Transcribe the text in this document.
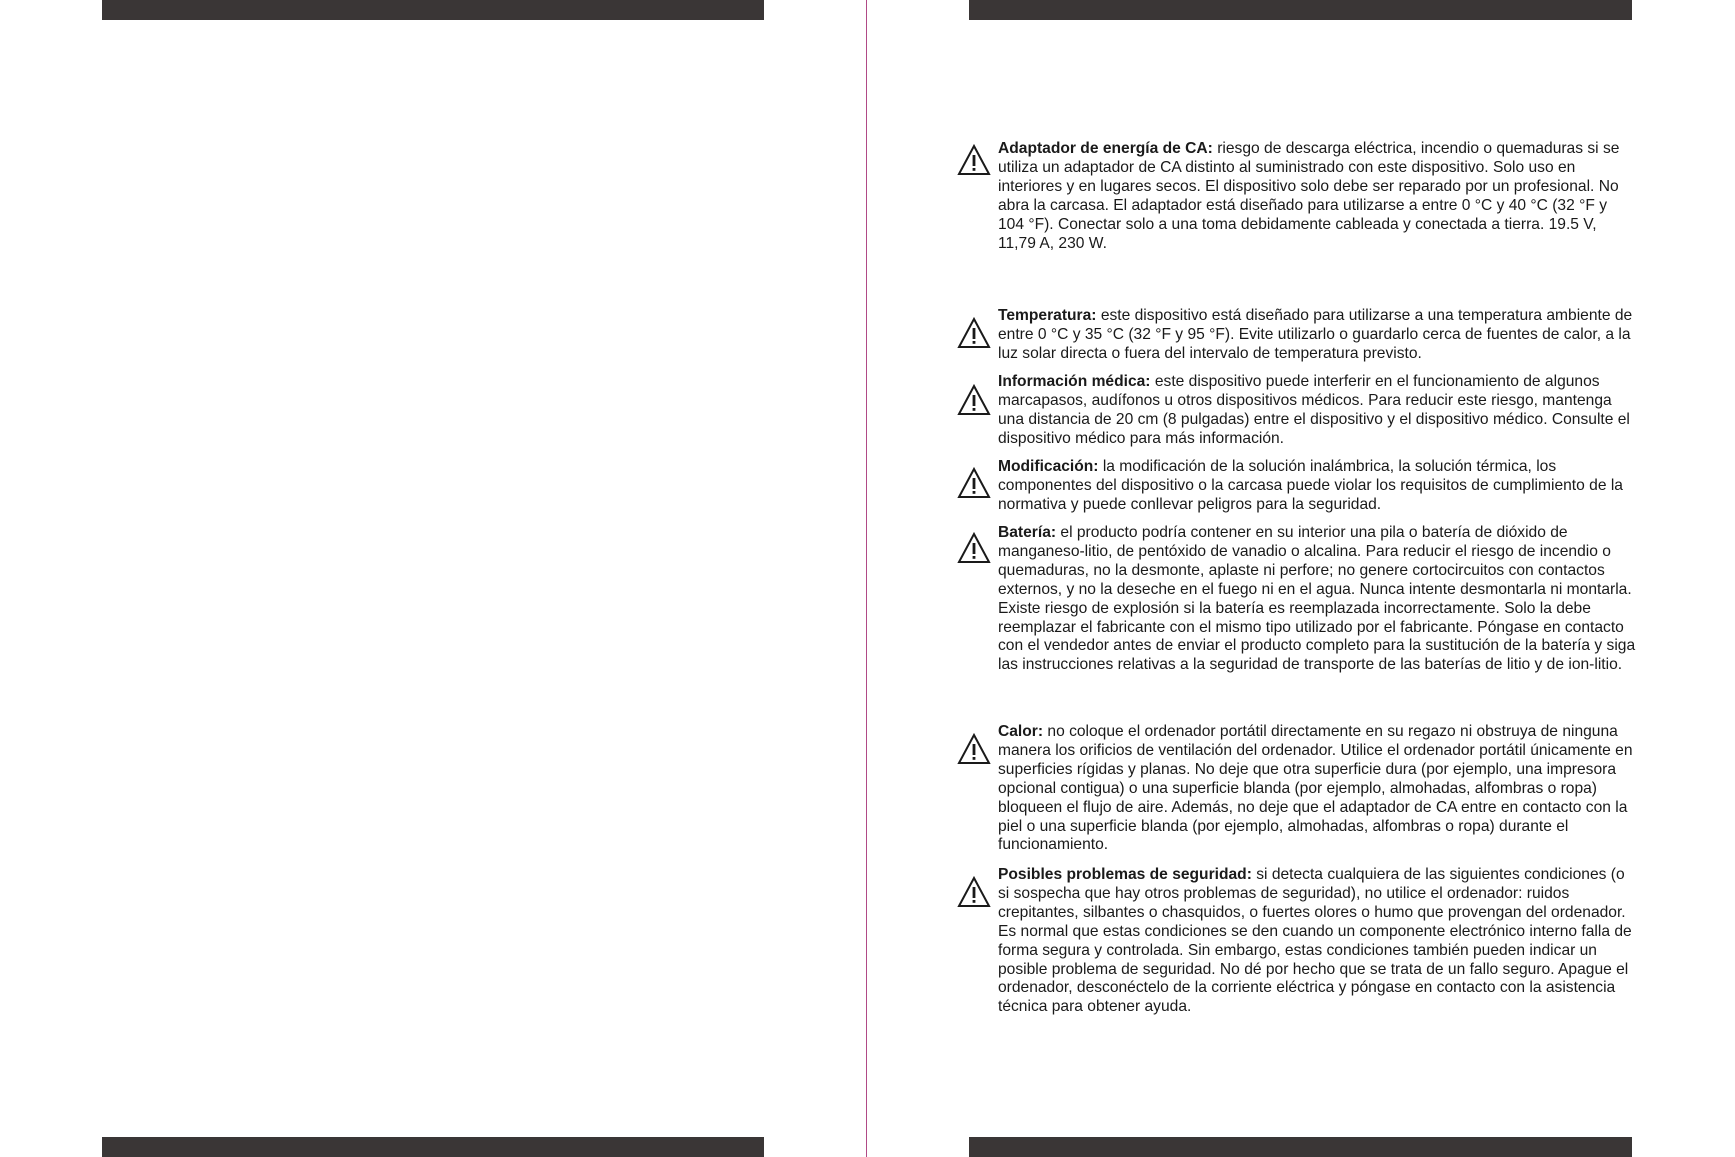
Adaptador de energía de CA: riesgo de descarga eléctrica, incendio o quemaduras si se utiliza un adaptador de CA distinto al suministrado con este dispositivo. Solo uso en interiores y en lugares secos. El dispositivo solo debe ser reparado por un profesional. No abra la carcasa. El adaptador está diseñado para utilizarse a entre 0 °C y 40 °C (32 °F y 104 °F). Conectar solo a una toma debidamente cableada y conectada a tierra. 19.5 V, 11,79 A, 230 W.
Temperatura: este dispositivo está diseñado para utilizarse a una temperatura ambiente de entre 0 °C y 35 °C (32 °F y 95 °F). Evite utilizarlo o guardarlo cerca de fuentes de calor, a la luz solar directa o fuera del intervalo de temperatura previsto.
Información médica: este dispositivo puede interferir en el funcionamiento de algunos marcapasos, audífonos u otros dispositivos médicos. Para reducir este riesgo, mantenga una distancia de 20 cm (8 pulgadas) entre el dispositivo y el dispositivo médico. Consulte el dispositivo médico para más información.
Modificación: la modificación de la solución inalámbrica, la solución térmica, los componentes del dispositivo o la carcasa puede violar los requisitos de cumplimiento de la normativa y puede conllevar peligros para la seguridad.
Batería: el producto podría contener en su interior una pila o batería de dióxido de manganeso-litio, de pentóxido de vanadio o alcalina. Para reducir el riesgo de incendio o quemaduras, no la desmonte, aplaste ni perfore; no genere cortocircuitos con contactos externos, y no la deseche en el fuego ni en el agua. Nunca intente desmontarla ni montarla. Existe riesgo de explosión si la batería es reemplazada incorrectamente. Solo la debe reemplazar el fabricante con el mismo tipo utilizado por el fabricante. Póngase en contacto con el vendedor antes de enviar el producto completo para la sustitución de la batería y siga las instrucciones relativas a la seguridad de transporte de las baterías de litio y de ion-litio.
Calor: no coloque el ordenador portátil directamente en su regazo ni obstruya de ninguna manera los orificios de ventilación del ordenador. Utilice el ordenador portátil únicamente en superficies rígidas y planas. No deje que otra superficie dura (por ejemplo, una impresora opcional contigua) o una superficie blanda (por ejemplo, almohadas, alfombras o ropa) bloqueen el flujo de aire. Además, no deje que el adaptador de CA entre en contacto con la piel o una superficie blanda (por ejemplo, almohadas, alfombras o ropa) durante el funcionamiento.
Posibles problemas de seguridad: si detecta cualquiera de las siguientes condiciones (o si sospecha que hay otros problemas de seguridad), no utilice el ordenador: ruidos crepitantes, silbantes o chasquidos, o fuertes olores o humo que provengan del ordenador. Es normal que estas condiciones se den cuando un componente electrónico interno falla de forma segura y controlada. Sin embargo, estas condiciones también pueden indicar un posible problema de seguridad. No dé por hecho que se trata de un fallo seguro. Apague el ordenador, desconéctelo de la corriente eléctrica y póngase en contacto con la asistencia técnica para obtener ayuda.
